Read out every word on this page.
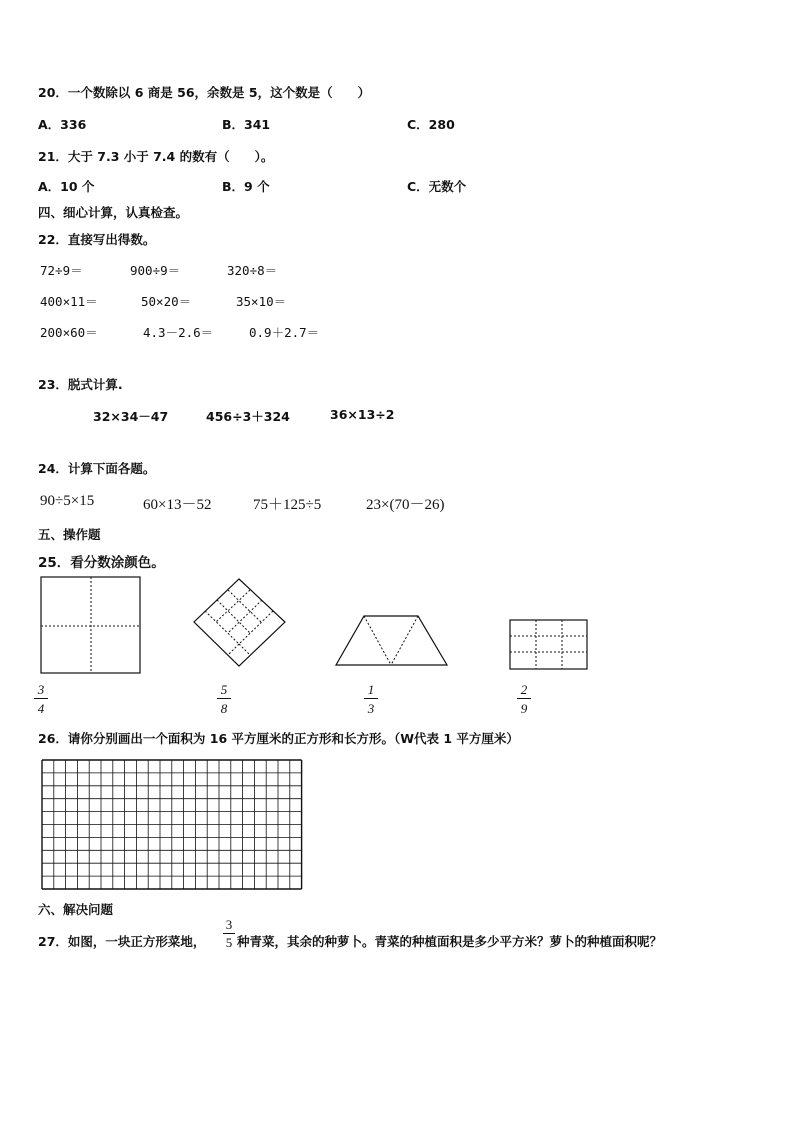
20．一个数除以 6 商是 56，余数是 5，这个数是（　　）
A．336	B．341	C．280
21．大于 7.3 小于 7.4 的数有（　　）。
A．10 个	B．9 个	C．无数个
四、细心计算，认真检查。
22．直接写出得数。
72÷9＝	900÷9＝	320÷8＝
400×11＝	50×20＝	35×10＝
200×60＝	4.3－2.6＝	0.9＋2.7＝
23．脱式计算.
32×34－47	456÷3＋324	36×13÷2
24．计算下面各题。
90÷5×15	60×13－52	75＋125÷5	23×(70－26)
五、操作题
25．看分数涂颜色。
3
4
5
8
1
3
2
9
26．请你分别画出一个面积为 16 平方厘米的正方形和长方形。（W代表 1 平方厘米）
六、解决问题
27．如图，一块正方形菜地，
3
5 种青菜，其余的种萝卜。青菜的种植面积是多少平方米？萝卜的种植面积呢？
